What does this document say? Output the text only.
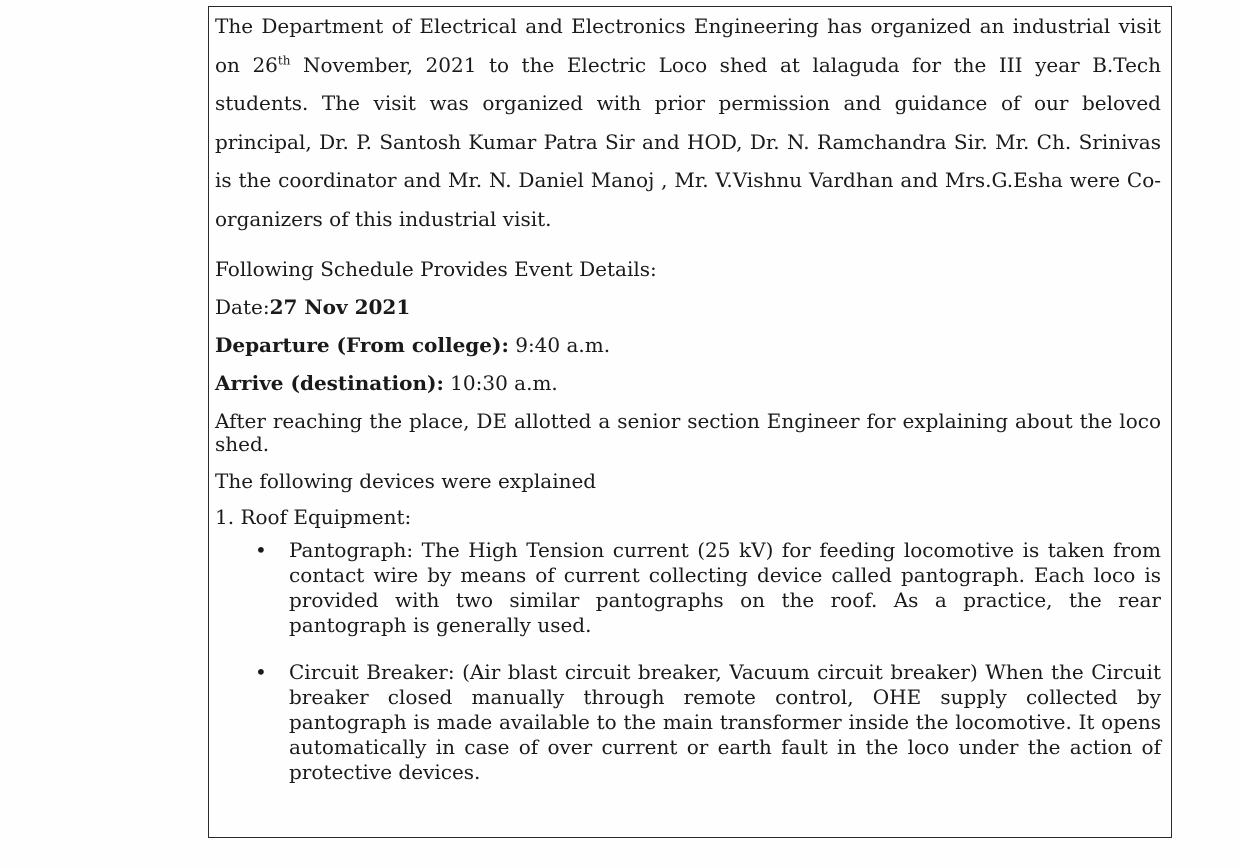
The Department of Electrical and Electronics Engineering has organized an industrial visit on 26th November, 2021 to the Electric Loco shed at lalaguda for the III year B.Tech students. The visit was organized with prior permission and guidance of our beloved principal, Dr. P. Santosh Kumar Patra Sir and HOD, Dr. N. Ramchandra Sir. Mr. Ch. Srinivas is the coordinator and Mr. N. Daniel Manoj , Mr. V.Vishnu Vardhan and Mrs.G.Esha were Co-organizers of this industrial visit.

Following Schedule Provides Event Details:

Date:27 Nov 2021

Departure (From college): 9:40 a.m.

Arrive (destination): 10:30 a.m.

After reaching the place, DE allotted a senior section Engineer for explaining about the loco shed.

The following devices were explained

1. Roof Equipment:

• Pantograph: The High Tension current (25 kV) for feeding locomotive is taken from contact wire by means of current collecting device called pantograph. Each loco is provided with two similar pantographs on the roof. As a practice, the rear pantograph is generally used.
• Circuit Breaker: (Air blast circuit breaker, Vacuum circuit breaker) When the Circuit breaker closed manually through remote control, OHE supply collected by pantograph is made available to the main transformer inside the locomotive. It opens automatically in case of over current or earth fault in the loco under the action of protective devices.
